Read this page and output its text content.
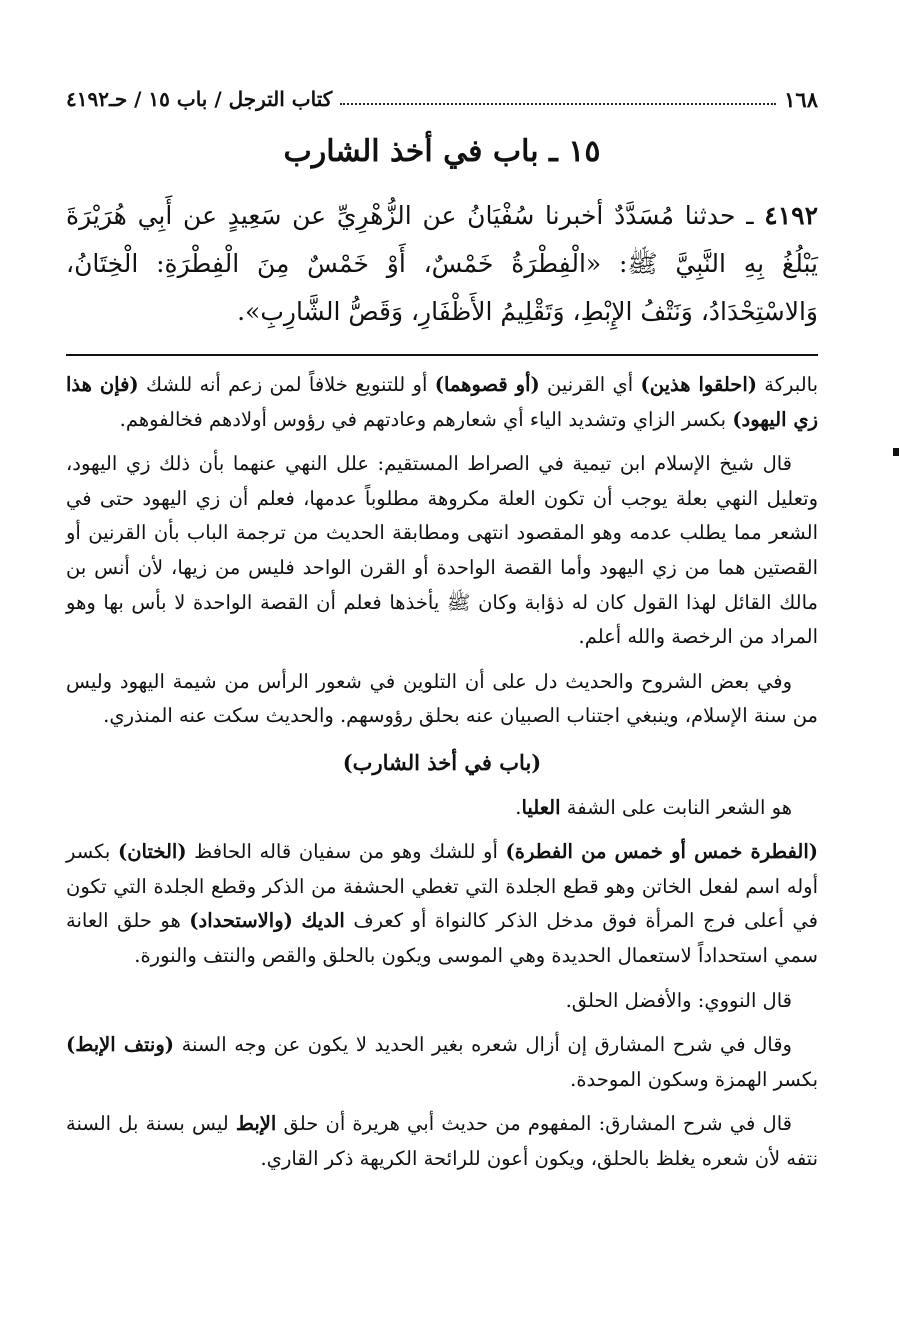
١٦٨
كتاب الترجل / باب ١٥ / حـ٤١٩٢
١٥ ـ باب في أخذ الشارب
٤١٩٢ ـ حدثنا مُسَدَّدٌ أخبرنا سُفْيَانُ عن الزُّهْرِيِّ عن سَعِيدٍ عن أَبِي هُرَيْرَةَ يَبْلُغُ بِهِ النَّبِيَّ ﷺ: «الْفِطْرَةُ خَمْسٌ، أَوْ خَمْسٌ مِنَ الْفِطْرَةِ: الْخِتَانُ، وَالاسْتِحْدَادُ، وَنَتْفُ الإِبْطِ، وَتَقْلِيمُ الأَظْفَارِ، وَقَصُّ الشَّارِبِ».

بالبركة (احلقوا هذين) أي القرنين (أو قصوهما) أو للتنويع خلافاً لمن زعم أنه للشك (فإن هذا زي اليهود) بكسر الزاي وتشديد الياء أي شعارهم وعادتهم في رؤوس أولادهم فخالفوهم.

قال شيخ الإسلام ابن تيمية في الصراط المستقيم: علل النهي عنهما بأن ذلك زي اليهود، وتعليل النهي بعلة يوجب أن تكون العلة مكروهة مطلوباً عدمها، فعلم أن زي اليهود حتى في الشعر مما يطلب عدمه وهو المقصود انتهى ومطابقة الحديث من ترجمة الباب بأن القرنين أو القصتين هما من زي اليهود وأما القصة الواحدة أو القرن الواحد فليس من زيها، لأن أنس بن مالك القائل لهذا القول كان له ذؤابة وكان ﷺ يأخذها فعلم أن القصة الواحدة لا بأس بها وهو المراد من الرخصة والله أعلم.

وفي بعض الشروح والحديث دل على أن التلوين في شعور الرأس من شيمة اليهود وليس من سنة الإسلام، وينبغي اجتناب الصبيان عنه بحلق رؤوسهم. والحديث سكت عنه المنذري.

(باب في أخذ الشارب)

هو الشعر النابت على الشفة العليا.

(الفطرة خمس أو خمس من الفطرة) أو للشك وهو من سفيان قاله الحافظ (الختان) بكسر أوله اسم لفعل الخاتن وهو قطع الجلدة التي تغطي الحشفة من الذكر وقطع الجلدة التي تكون في أعلى فرج المرأة فوق مدخل الذكر كالنواة أو كعرف الديك (والاستحداد) هو حلق العانة سمي استحداداً لاستعمال الحديدة وهي الموسى ويكون بالحلق والقص والنتف والنورة.

قال النووي: والأفضل الحلق.

وقال في شرح المشارق إن أزال شعره بغير الحديد لا يكون عن وجه السنة (ونتف الإبط) بكسر الهمزة وسكون الموحدة.

قال في شرح المشارق: المفهوم من حديث أبي هريرة أن حلق الإبط ليس بسنة بل السنة نتفه لأن شعره يغلظ بالحلق، ويكون أعون للرائحة الكريهة ذكر القاري.
